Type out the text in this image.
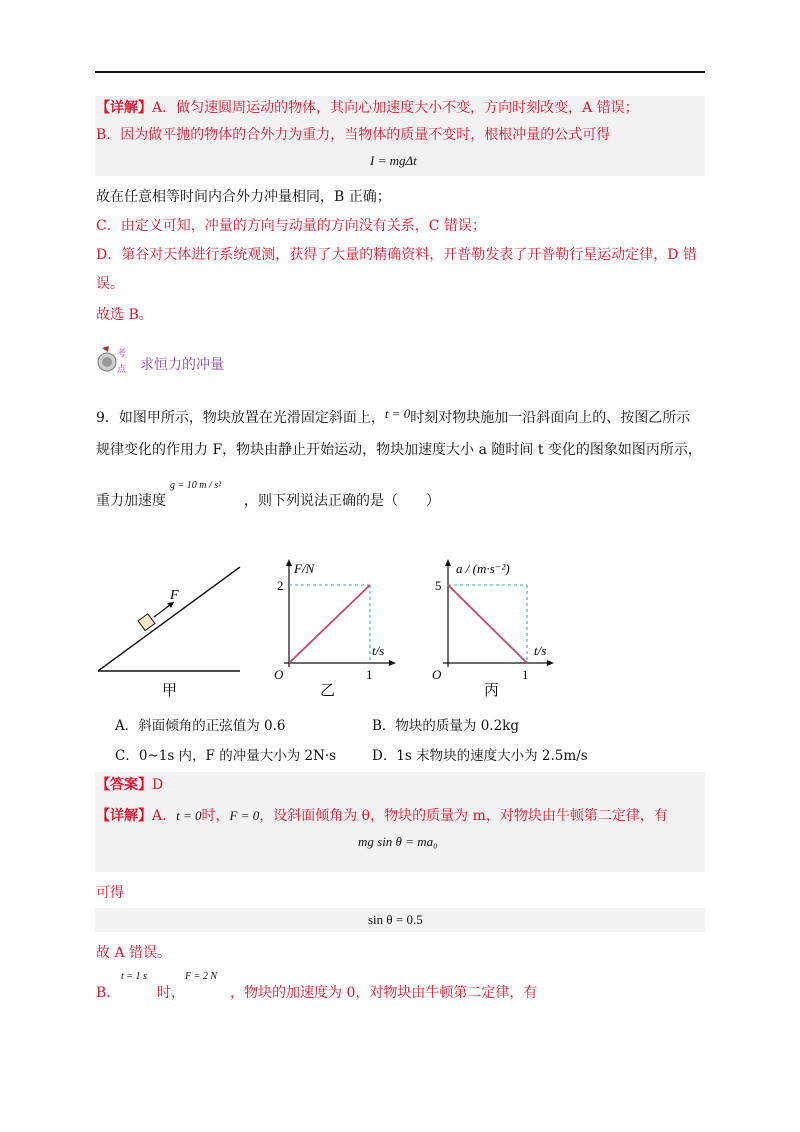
【详解】A．做匀速圆周运动的物体，其向心加速度大小不变，方向时刻改变，A 错误；
B．因为做平抛的物体的合外力为重力，当物体的质量不变时，根根冲量的公式可得
I = mgΔt
故在任意相等时间内合外力冲量相同，B 正确；
C．由定义可知，冲量的方向与动量的方向没有关系，C 错误；
D．第谷对天体进行系统观测，获得了大量的精确资料，开普勒发表了开普勒行星运动定律，D 错
误。
故选 B。
考
点 求恒力的冲量
9．如图甲所示，物块放置在光滑固定斜面上，t = 0时刻对物块施加一沿斜面向上的、按图乙所示
规律变化的作用力 F，物块由静止开始运动，物块加速度大小 a 随时间 t 变化的图象如图丙所示，
重力加速度
g = 10 m / s²
，则下列说法正确的是（　　）
F
甲
F/N
t/s
O
2
1
乙
a / (m·s⁻²)
t/s
O
5
1
丙
A．斜面倾角的正弦值为 0.6	B．物块的质量为 0.2kg
C．0~1s 内，F 的冲量大小为 2N·s	D．1s 末物块的速度大小为 2.5m/s
【答案】D
【详解】A．t = 0时，F = 0，设斜面倾角为 θ，物块的质量为 m，对物块由牛顿第二定律，有
mg sin θ = ma₀
可得
sin θ = 0.5
故 A 错误。
B．
t = 1 s
时，
F = 2 N
，物块的加速度为 0，对物块由牛顿第二定律，有
